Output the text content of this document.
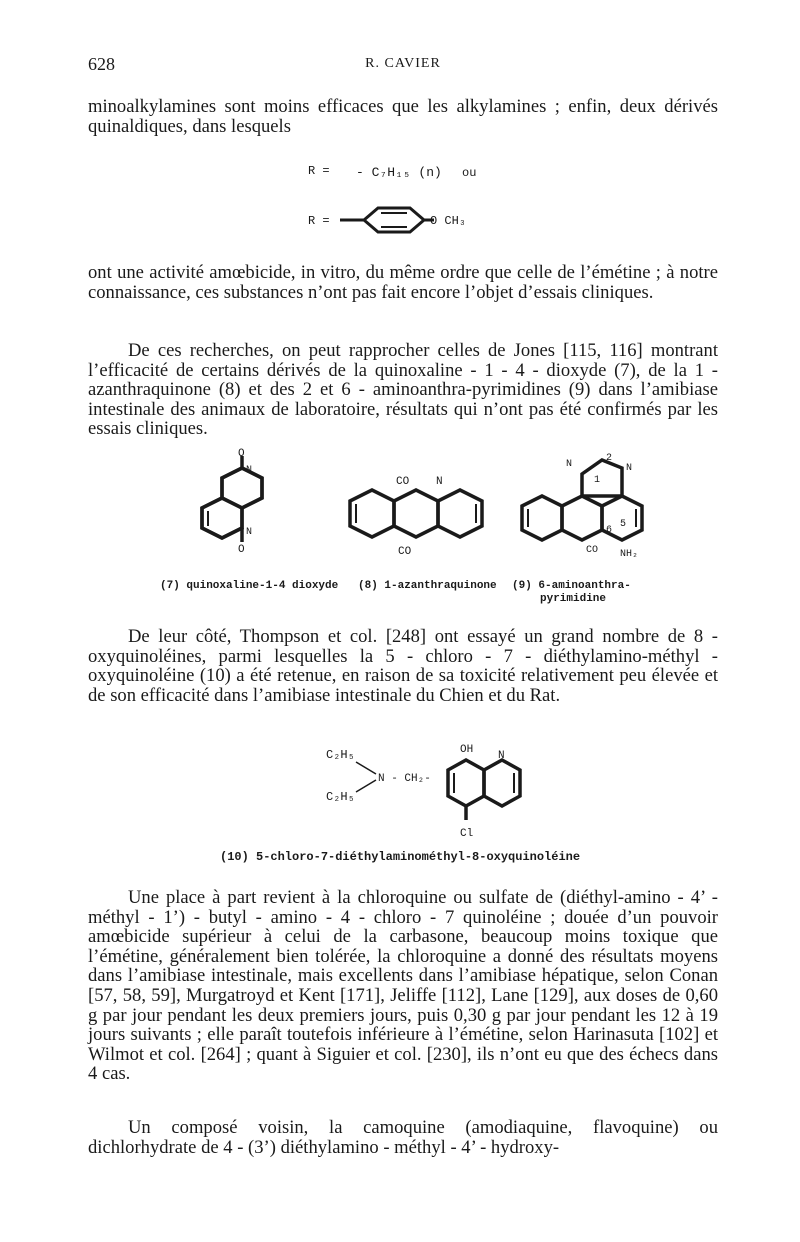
628	R. CAVIER
minoalkylamines sont moins efficaces que les alkylamines ; enfin, deux dérivés quinaldiques, dans lesquels
R = - C₇H₁₅ (n) ou
R =	O CH₃
ont une activité amœbicide, in vitro, du même ordre que celle de l’émétine ; à notre connaissance, ces substances n’ont pas fait encore l’objet d’essais cliniques.
De ces recherches, on peut rapprocher celles de Jones [115, 116] montrant l’efficacité de certains dérivés de la quinoxaline - 1 - 4 - dioxyde (7), de la 1 - azanthraquinone (8) et des 2 et 6 - aminoanthra-pyrimidines (9) dans l’amibiase intestinale des animaux de laboratoire, résultats qui n’ont pas été confirmés par les essais cliniques.
O
N
N
O
CO N
CO
N
2
N
1
6
5
CO NH₂
(7) quinoxaline-1-4 dioxyde (8) 1-azanthraquinone (9) 6-aminoanthra-
pyrimidine
De leur côté, Thompson et col. [248] ont essayé un grand nombre de 8 - oxyquinoléines, parmi lesquelles la 5 - chloro - 7 - diéthylamino-méthyl - oxyquinoléine (10) a été retenue, en raison de sa toxicité relativement peu élevée et de son efficacité dans l’amibiase intestinale du Chien et du Rat.
C₂H₅
C₂H₅
N - CH₂-
OH N
Cl
(10) 5-chloro-7-diéthylaminométhyl-8-oxyquinoléine
Une place à part revient à la chloroquine ou sulfate de (diéthyl-amino - 4’ - méthyl - 1’) - butyl - amino - 4 - chloro - 7 quinoléine ; douée d’un pouvoir amœbicide supérieur à celui de la carbasone, beaucoup moins toxique que l’émétine, généralement bien tolérée, la chloroquine a donné des résultats moyens dans l’amibiase intestinale, mais excellents dans l’amibiase hépatique, selon Conan [57, 58, 59], Murgatroyd et Kent [171], Jeliffe [112], Lane [129], aux doses de 0,60 g par jour pendant les deux premiers jours, puis 0,30 g par jour pendant les 12 à 19 jours suivants ; elle paraît toutefois inférieure à l’émétine, selon Harinasuta [102] et Wilmot et col. [264] ; quant à Siguier et col. [230], ils n’ont eu que des échecs dans 4 cas.
Un composé voisin, la camoquine (amodiaquine, flavoquine) ou dichlorhydrate de 4 - (3’) diéthylamino - méthyl - 4’ - hydroxy-
